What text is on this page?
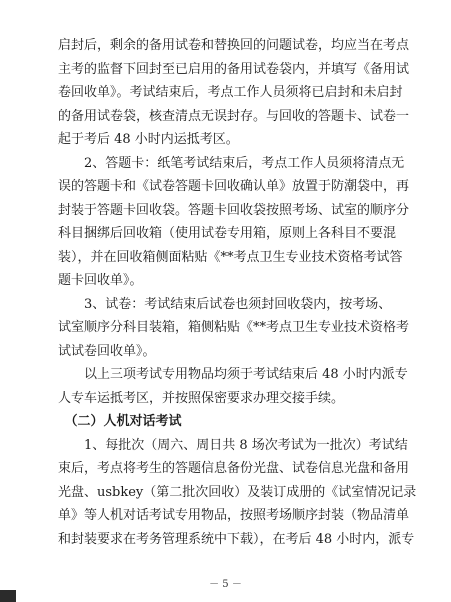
启封后，剩余的备用试卷和替换回的问题试卷，均应当在考点
主考的监督下回封至已启用的备用试卷袋内，并填写《备用试
卷回收单》。考试结束后，考点工作人员须将已启封和未启封
的备用试卷袋，核查清点无误封存。与回收的答题卡、试卷一
起于考后 48 小时内运抵考区。
　　2、答题卡：纸笔考试结束后，考点工作人员须将清点无
误的答题卡和《试卷答题卡回收确认单》放置于防潮袋中，再
封装于答题卡回收袋。答题卡回收袋按照考场、试室的顺序分
科目捆绑后回收箱（使用试卷专用箱，原则上各科目不要混
装），并在回收箱侧面粘贴《**考点卫生专业技术资格考试答
题卡回收单》。
　　3、试卷：考试结束后试卷也须封回收袋内，按考场、
试室顺序分科目装箱，箱侧粘贴《**考点卫生专业技术资格考
试试卷回收单》。
　　以上三项考试专用物品均须于考试结束后 48 小时内派专
人专车运抵考区，并按照保密要求办理交接手续。
　（二）人机对话考试
　　1、每批次（周六、周日共 8 场次考试为一批次）考试结
束后，考点将考生的答题信息备份光盘、试卷信息光盘和备用
光盘、usbkey（第二批次回收）及装订成册的《试室情况记录
单》等人机对话考试专用物品，按照考场顺序封装（物品清单
和封装要求在考务管理系统中下载），在考后 48 小时内，派专
－ 5 －
